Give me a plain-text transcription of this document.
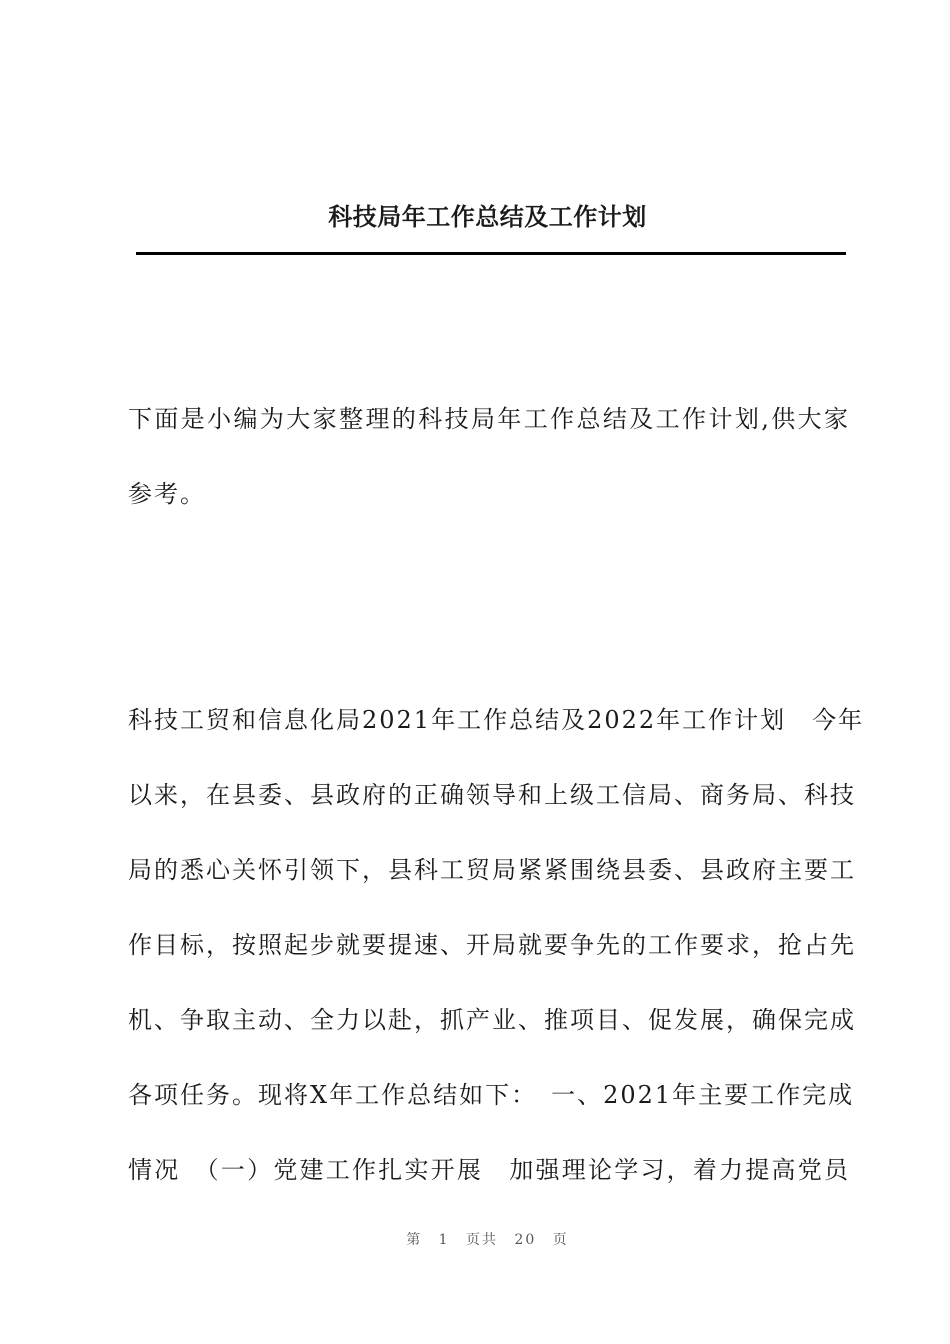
科技局年工作总结及工作计划
下面是小编为大家整理的科技局年工作总结及工作计划,供大家
参考。
科技工贸和信息化局2021年工作总结及2022年工作计划　今年
以来，在县委、县政府的正确领导和上级工信局、商务局、科技
局的悉心关怀引领下，县科工贸局紧紧围绕县委、县政府主要工
作目标，按照起步就要提速、开局就要争先的工作要求，抢占先
机、争取主动、全力以赴，抓产业、推项目、促发展，确保完成
各项任务。现将X年工作总结如下：　一、2021年主要工作完成
情况　（一）党建工作扎实开展　加强理论学习，着力提高党员
第 1 页共 20 页
